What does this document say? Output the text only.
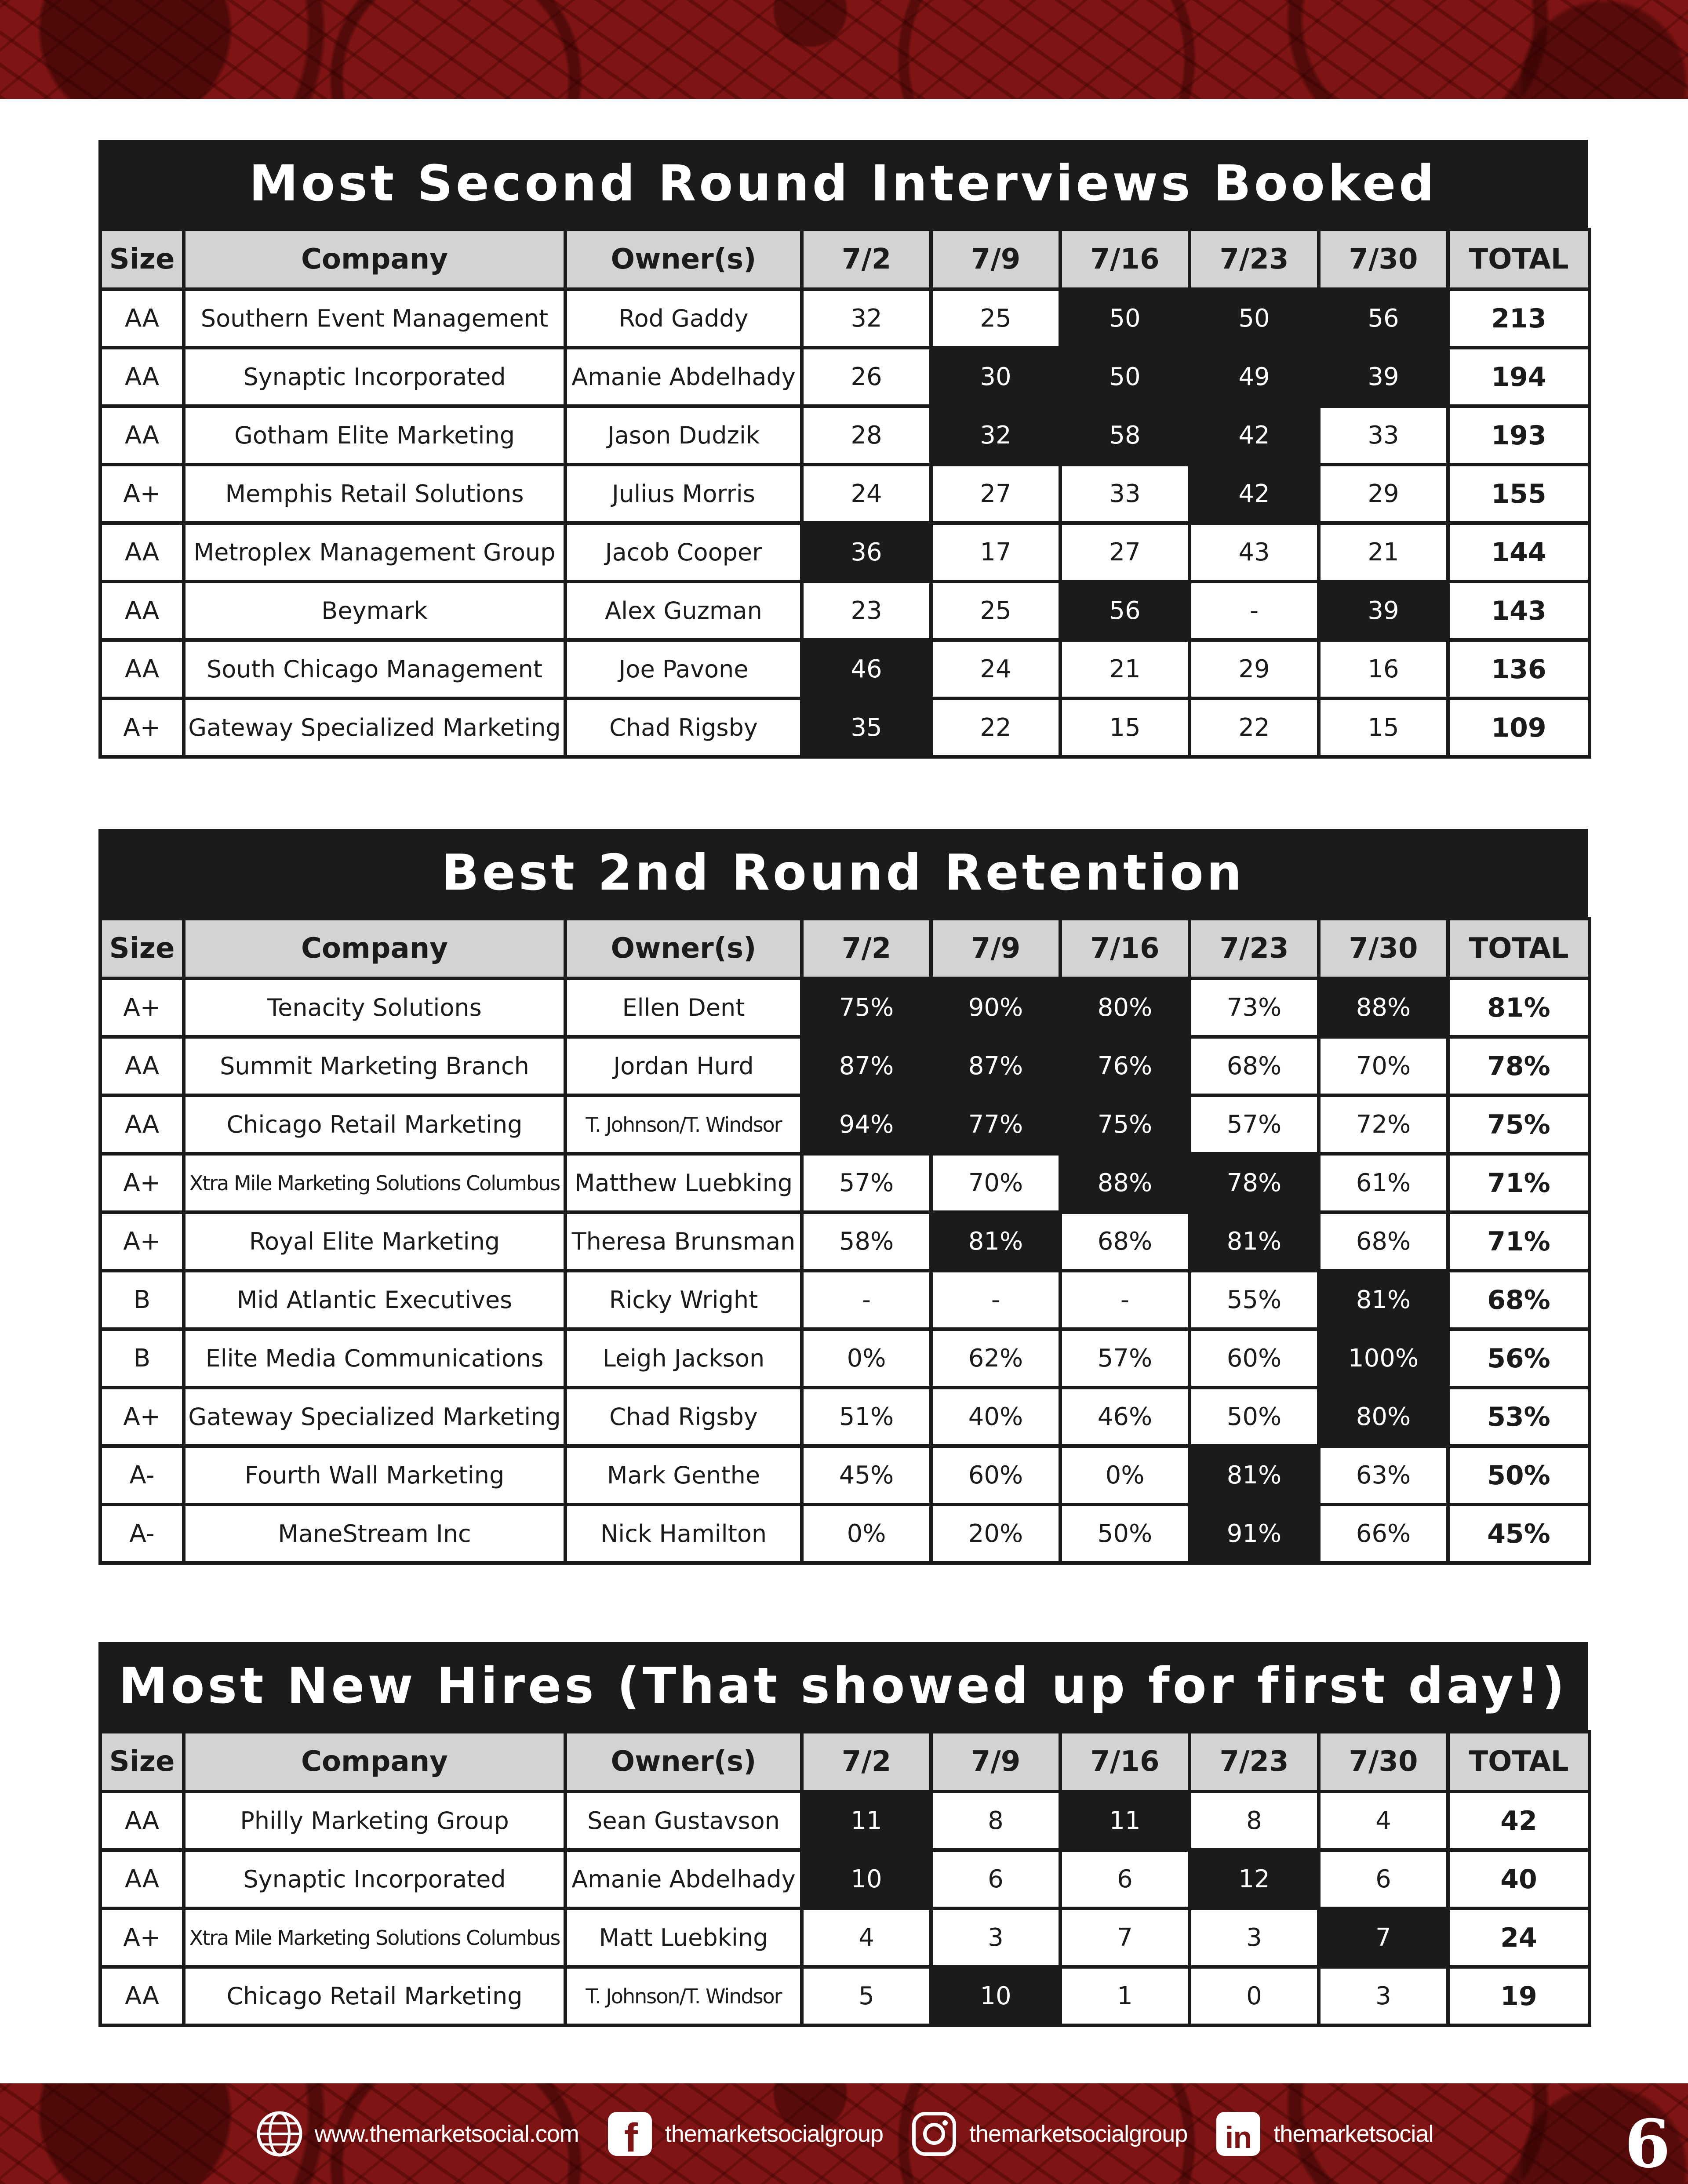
Most Second Round Interviews Booked
Size	Company	Owner(s)	7/2	7/9	7/16	7/23	7/30	TOTAL
AA	Southern Event Management	Rod Gaddy	32	25	50	50	56	213
AA	Synaptic Incorporated	Amanie Abdelhady	26	30	50	49	39	194
AA	Gotham Elite Marketing	Jason Dudzik	28	32	58	42	33	193
A+	Memphis Retail Solutions	Julius Morris	24	27	33	42	29	155
AA	Metroplex Management Group	Jacob Cooper	36	17	27	43	21	144
AA	Beymark	Alex Guzman	23	25	56	-	39	143
AA	South Chicago Management	Joe Pavone	46	24	21	29	16	136
A+	Gateway Specialized Marketing	Chad Rigsby	35	22	15	22	15	109
Best 2nd Round Retention
Size	Company	Owner(s)	7/2	7/9	7/16	7/23	7/30	TOTAL
A+	Tenacity Solutions	Ellen Dent	75%	90%	80%	73%	88%	81%
AA	Summit Marketing Branch	Jordan Hurd	87%	87%	76%	68%	70%	78%
AA	Chicago Retail Marketing	T. Johnson/T. Windsor	94%	77%	75%	57%	72%	75%
A+	Xtra Mile Marketing Solutions Columbus	Matthew Luebking	57%	70%	88%	78%	61%	71%
A+	Royal Elite Marketing	Theresa Brunsman	58%	81%	68%	81%	68%	71%
B	Mid Atlantic Executives	Ricky Wright	-	-	-	55%	81%	68%
B	Elite Media Communications	Leigh Jackson	0%	62%	57%	60%	100%	56%
A+	Gateway Specialized Marketing	Chad Rigsby	51%	40%	46%	50%	80%	53%
A-	Fourth Wall Marketing	Mark Genthe	45%	60%	0%	81%	63%	50%
A-	ManeStream Inc	Nick Hamilton	0%	20%	50%	91%	66%	45%
Most New Hires (That showed up for first day!)
Size	Company	Owner(s)	7/2	7/9	7/16	7/23	7/30	TOTAL
AA	Philly Marketing Group	Sean Gustavson	11	8	11	8	4	42
AA	Synaptic Incorporated	Amanie Abdelhady	10	6	6	12	6	40
A+	Xtra Mile Marketing Solutions Columbus	Matt Luebking	4	3	7	3	7	24
AA	Chicago Retail Marketing	T. Johnson/T. Windsor	5	10	1	0	3	19
www.themarketsocial.com f themarketsocialgroup	themarketsocialgroup in themarketsocial	6
